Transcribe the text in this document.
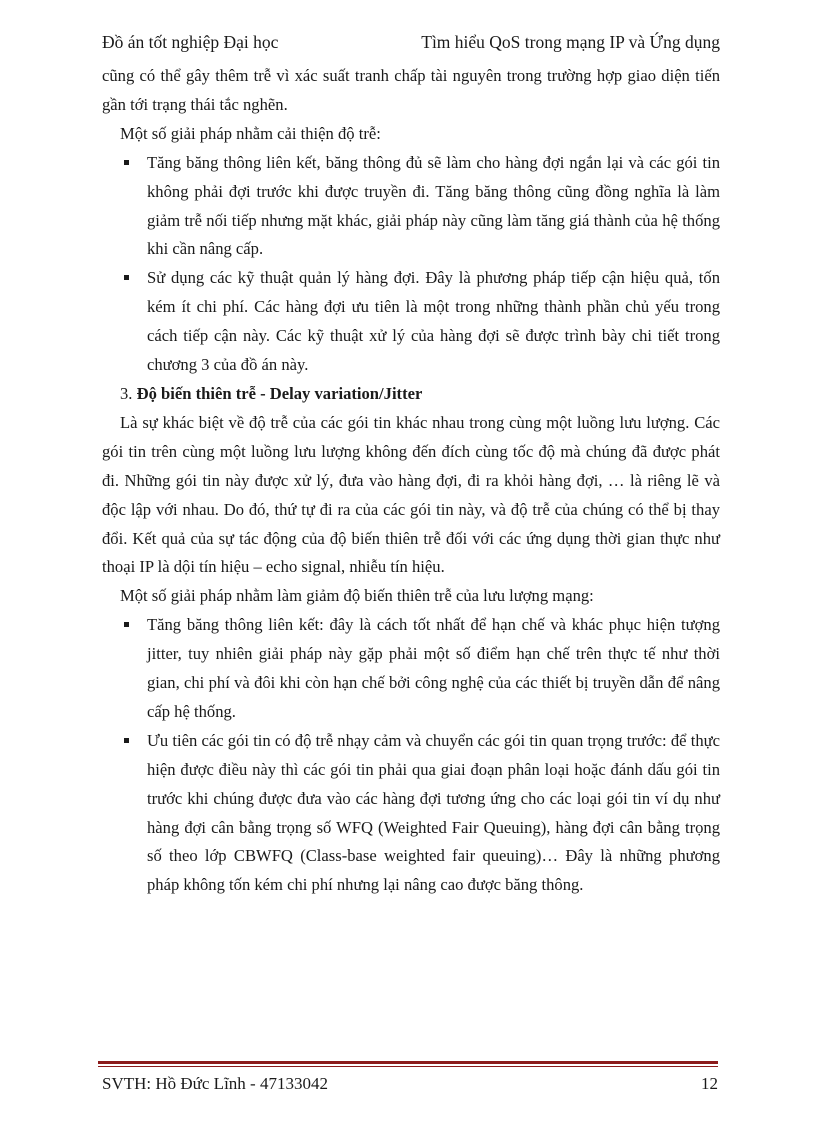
Đồ án tốt nghiệp Đại học	Tìm hiểu QoS trong mạng IP và Ứng dụng

cũng có thể gây thêm trễ vì xác suất tranh chấp tài nguyên trong trường hợp giao diện tiến gần tới trạng thái tắc nghẽn.

Một số giải pháp nhằm cải thiện độ trễ:

Tăng băng thông liên kết, băng thông đủ sẽ làm cho hàng đợi ngắn lại và các gói tin không phải đợi trước khi được truyền đi. Tăng băng thông cũng đồng nghĩa là làm giảm trễ nối tiếp nhưng mặt khác, giải pháp này cũng làm tăng giá thành của hệ thống khi cần nâng cấp.
Sử dụng các kỹ thuật quản lý hàng đợi. Đây là phương pháp tiếp cận hiệu quả, tốn kém ít chi phí. Các hàng đợi ưu tiên là một trong những thành phần chủ yếu trong cách tiếp cận này. Các kỹ thuật xử lý của hàng đợi sẽ được trình bày chi tiết trong chương 3 của đồ án này.

3. Độ biến thiên trễ - Delay variation/Jitter

Là sự khác biệt về độ trễ của các gói tin khác nhau trong cùng một luồng lưu lượng. Các gói tin trên cùng một luồng lưu lượng không đến đích cùng tốc độ mà chúng đã được phát đi. Những gói tin này được xử lý, đưa vào hàng đợi, đi ra khỏi hàng đợi, … là riêng lẽ và độc lập với nhau. Do đó, thứ tự đi ra của các gói tin này, và độ trễ của chúng có thể bị thay đổi. Kết quả của sự tác động của độ biến thiên trễ đối với các ứng dụng thời gian thực như thoại IP là dội tín hiệu – echo signal, nhiễu tín hiệu.

Một số giải pháp nhằm làm giảm độ biến thiên trễ của lưu lượng mạng:

Tăng băng thông liên kết: đây là cách tốt nhất để hạn chế và khác phục hiện tượng jitter, tuy nhiên giải pháp này gặp phải một số điểm hạn chế trên thực tế như thời gian, chi phí và đôi khi còn hạn chế bởi công nghệ của các thiết bị truyền dẫn để nâng cấp hệ thống.
Ưu tiên các gói tin có độ trễ nhạy cảm và chuyển các gói tin quan trọng trước: để thực hiện được điều này thì các gói tin phải qua giai đoạn phân loại hoặc đánh dấu gói tin trước khi chúng được đưa vào các hàng đợi tương ứng cho các loại gói tin ví dụ như hàng đợi cân bằng trọng số WFQ (Weighted Fair Queuing), hàng đợi cân bằng trọng số theo lớp CBWFQ (Class-base weighted fair queuing)… Đây là những phương pháp không tốn kém chi phí nhưng lại nâng cao được băng thông.
SVTH: Hồ Đức Lĩnh - 47133042	12
